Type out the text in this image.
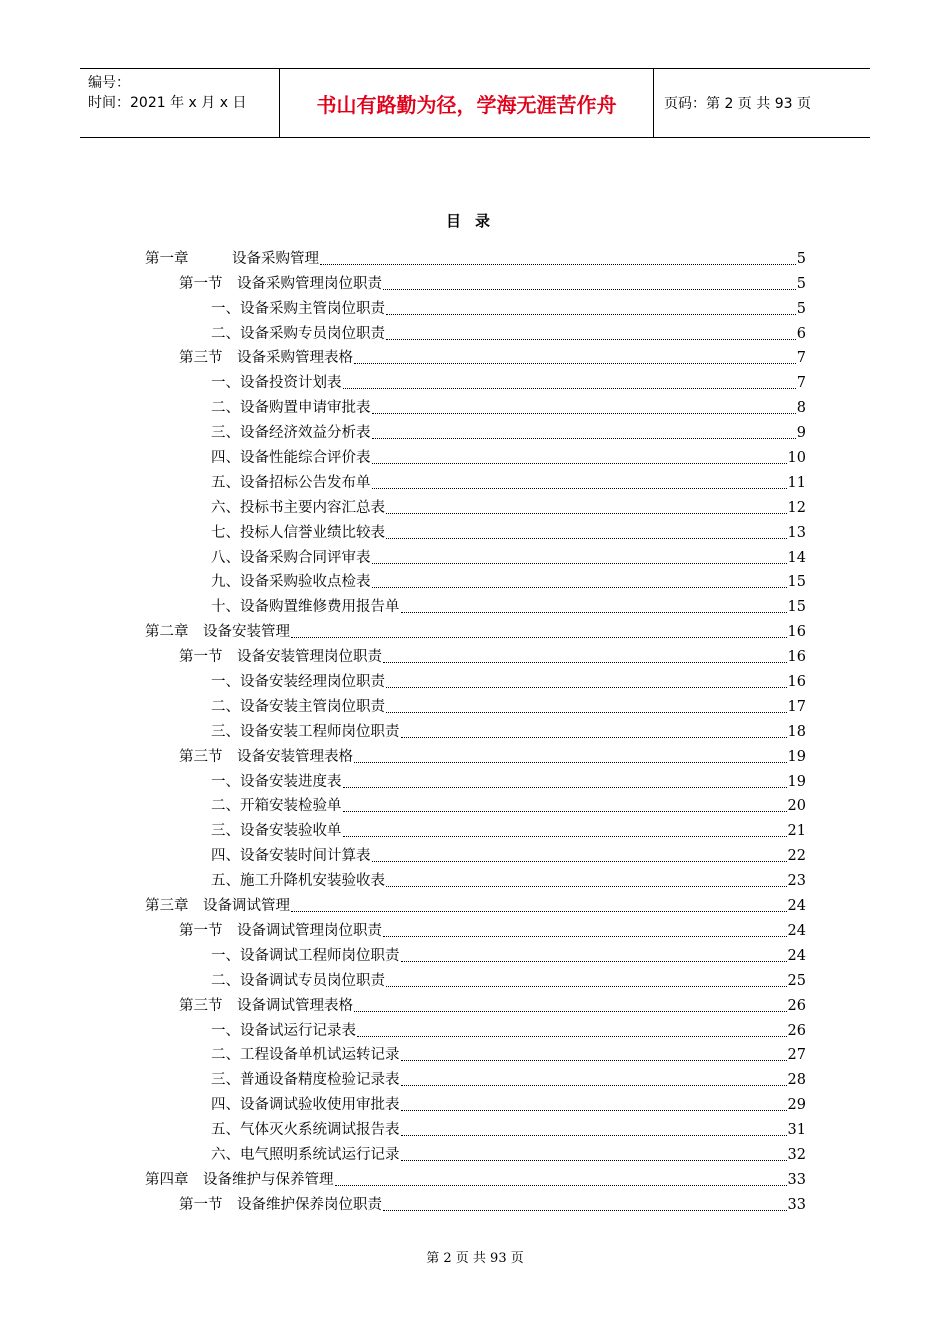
编号：
时间：2021 年 x 月 x 日	书山有路勤为径，学海无涯苦作舟	页码：第 2 页 共 93 页
目录
第一章　　　设备采购管理	5
第一节　设备采购管理岗位职责	5
一、设备采购主管岗位职责	5
二、设备采购专员岗位职责	6
第三节　设备采购管理表格	7
一、设备投资计划表	7
二、设备购置申请审批表	8
三、设备经济效益分析表	9
四、设备性能综合评价表	10
五、设备招标公告发布单	11
六、投标书主要内容汇总表	12
七、投标人信誉业绩比较表	13
八、设备采购合同评审表	14
九、设备采购验收点检表	15
十、设备购置维修费用报告单	15
第二章　设备安装管理	16
第一节　设备安装管理岗位职责	16
一、设备安装经理岗位职责	16
二、设备安装主管岗位职责	17
三、设备安装工程师岗位职责	18
第三节　设备安装管理表格	19
一、设备安装进度表	19
二、开箱安装检验单	20
三、设备安装验收单	21
四、设备安装时间计算表	22
五、施工升降机安装验收表	23
第三章　设备调试管理	24
第一节　设备调试管理岗位职责	24
一、设备调试工程师岗位职责	24
二、设备调试专员岗位职责	25
第三节　设备调试管理表格	26
一、设备试运行记录表	26
二、工程设备单机试运转记录	27
三、普通设备精度检验记录表	28
四、设备调试验收使用审批表	29
五、气体灭火系统调试报告表	31
六、电气照明系统试运行记录	32
第四章　设备维护与保养管理	33
第一节　设备维护保养岗位职责	33
第 2 页 共 93 页
